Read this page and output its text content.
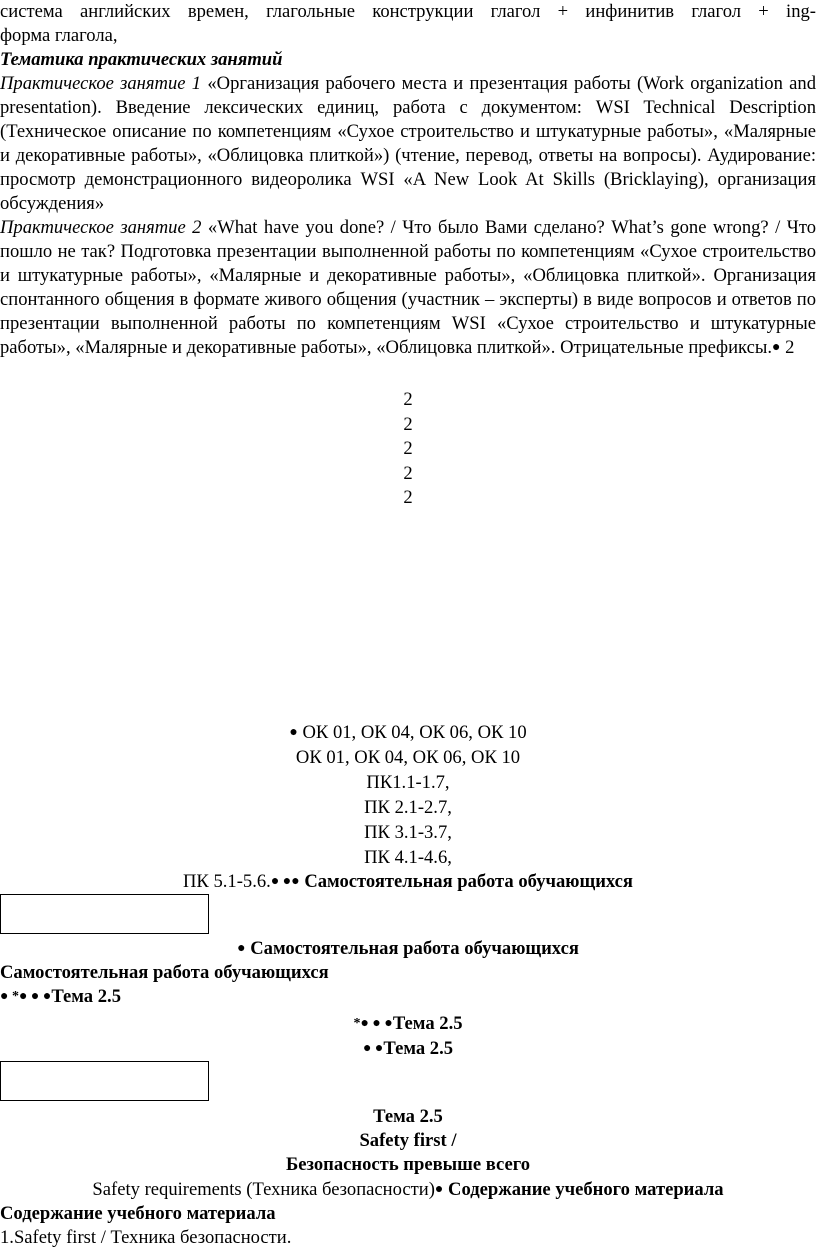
система английских времен, глагольные конструкции глагол + инфинитив глагол + ing-
форма глагола,
Тематика практических занятий

Практическое занятие 1 «Организация рабочего места и презентация работы (Work organization and presentation). Введение лексических единиц, работа с документом: WSI Technical Description (Техническое описание по компетенциям «Сухое строительство и штукатурные работы», «Малярные и декоративные работы», «Облицовка плиткой») (чтение, перевод, ответы на вопросы). Аудирование: просмотр демонстрационного видеоролика WSI «A New Look At Skills (Bricklaying), организация обсуждения»

Практическое занятие 2 «What have you done? / Что было Вами сделано? What’s gone wrong? / Что пошло не так? Подготовка презентации выполненной работы по компетенциям «Сухое строительство и штукатурные работы», «Малярные и декоративные работы», «Облицовка плиткой». Организация спонтанного общения в формате живого общения (участник – эксперты) в виде вопросов и ответов по презентации выполненной работы по компетенциям WSI «Сухое строительство и штукатурные работы», «Малярные и декоративные работы», «Облицовка плиткой». Отрицательные префиксы.● 2

2
2
2
2
2
● ОК 01, ОК 04, ОК 06, ОК 10
ОК 01, ОК 04, ОК 06, ОК 10
ПК1.1-1.7,
ПК 2.1-2.7,
ПК 3.1-3.7,
ПК 4.1-4.6,
ПК 5.1-5.6.● ●● Самостоятельная работа обучающихся
● Самостоятельная работа обучающихся
Самостоятельная работа обучающихся
● *● ● ●Тема 2.5
*● ● ●Тема 2.5
● ●Тема 2.5
Тема 2.5
Safety first /
Безопасность превыше всего
Safety requirements (Техника безопасности)● Содержание учебного материала
Содержание учебного материала
1.Safety first / Техника безопасности.
